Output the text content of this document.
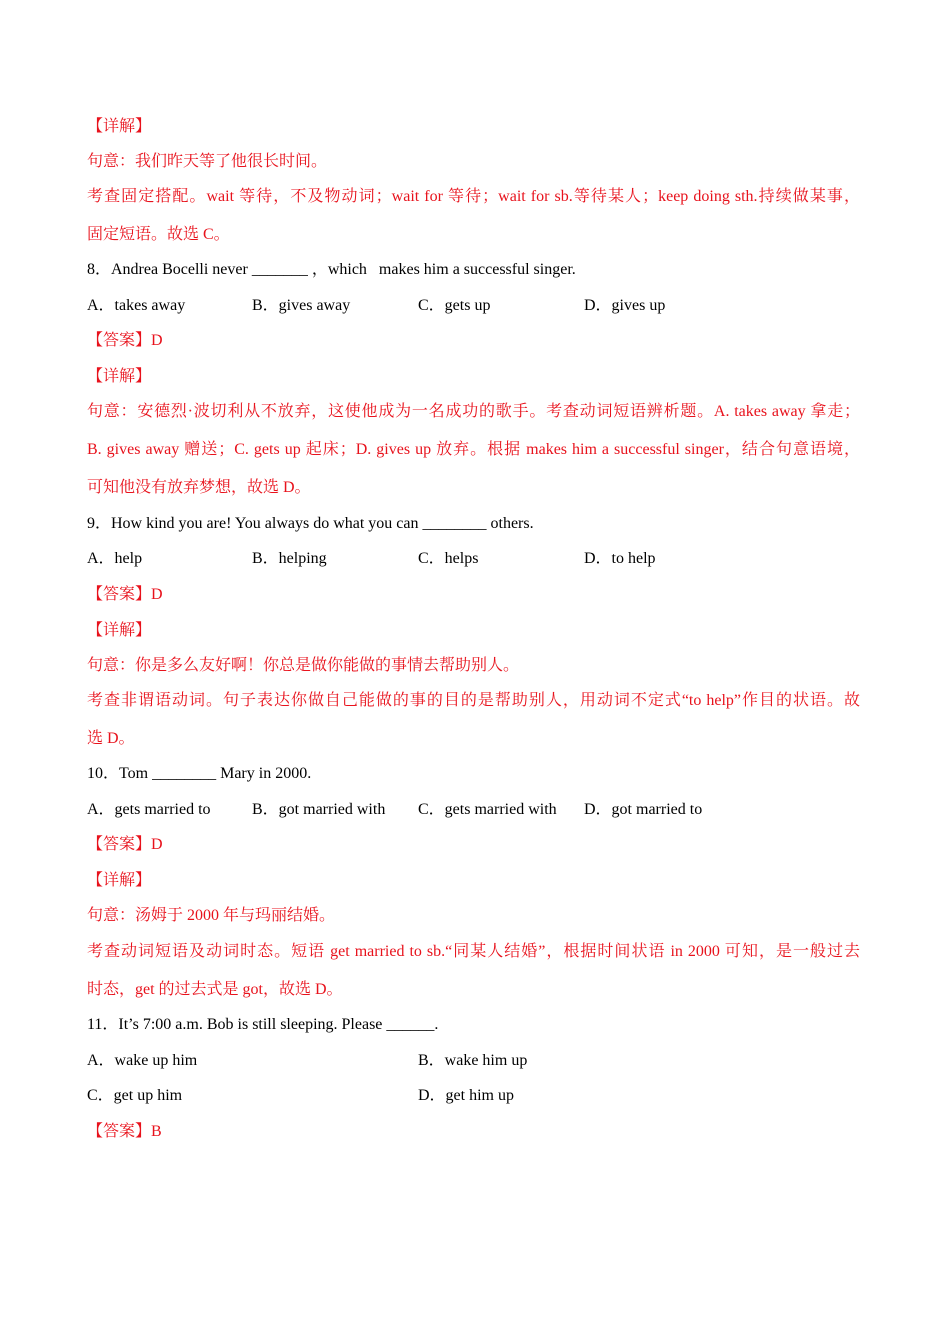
【详解】
句意：我们昨天等了他很长时间。
考查固定搭配。wait 等待，不及物动词；wait for 等待；wait for sb.等待某人；keep doing sth.持续做某事，
固定短语。故选 C。
8．Andrea Bocelli never _______ ，which   makes him a successful singer.
A．takes away	B．gives away	C．gets up	D．gives up
【答案】D
【详解】
句意：安德烈·波切利从不放弃，这使他成为一名成功的歌手。考查动词短语辨析题。A. takes away 拿走；
B. gives away 赠送；C. gets up 起床；D. gives up 放弃。根据 makes him a successful singer，结合句意语境，
可知他没有放弃梦想，故选 D。
9．How kind you are! You always do what you can ________ others.
A．help	B．helping	C．helps	D．to help
【答案】D
【详解】
句意：你是多么友好啊！你总是做你能做的事情去帮助别人。
考查非谓语动词。句子表达你做自己能做的事的目的是帮助别人，用动词不定式“to help”作目的状语。故
选 D。
10．Tom ________ Mary in 2000.
A．gets married to	B．got married with C．gets married with D．got married to
【答案】D
【详解】
句意：汤姆于 2000 年与玛丽结婚。
考查动词短语及动词时态。短语 get married to sb.“同某人结婚”，根据时间状语 in 2000 可知，是一般过去
时态，get 的过去式是 got，故选 D。
11．It’s 7:00 a.m. Bob is still sleeping. Please ______.
A．wake up him	B．wake him up
C．get up him	D．get him up
【答案】B
